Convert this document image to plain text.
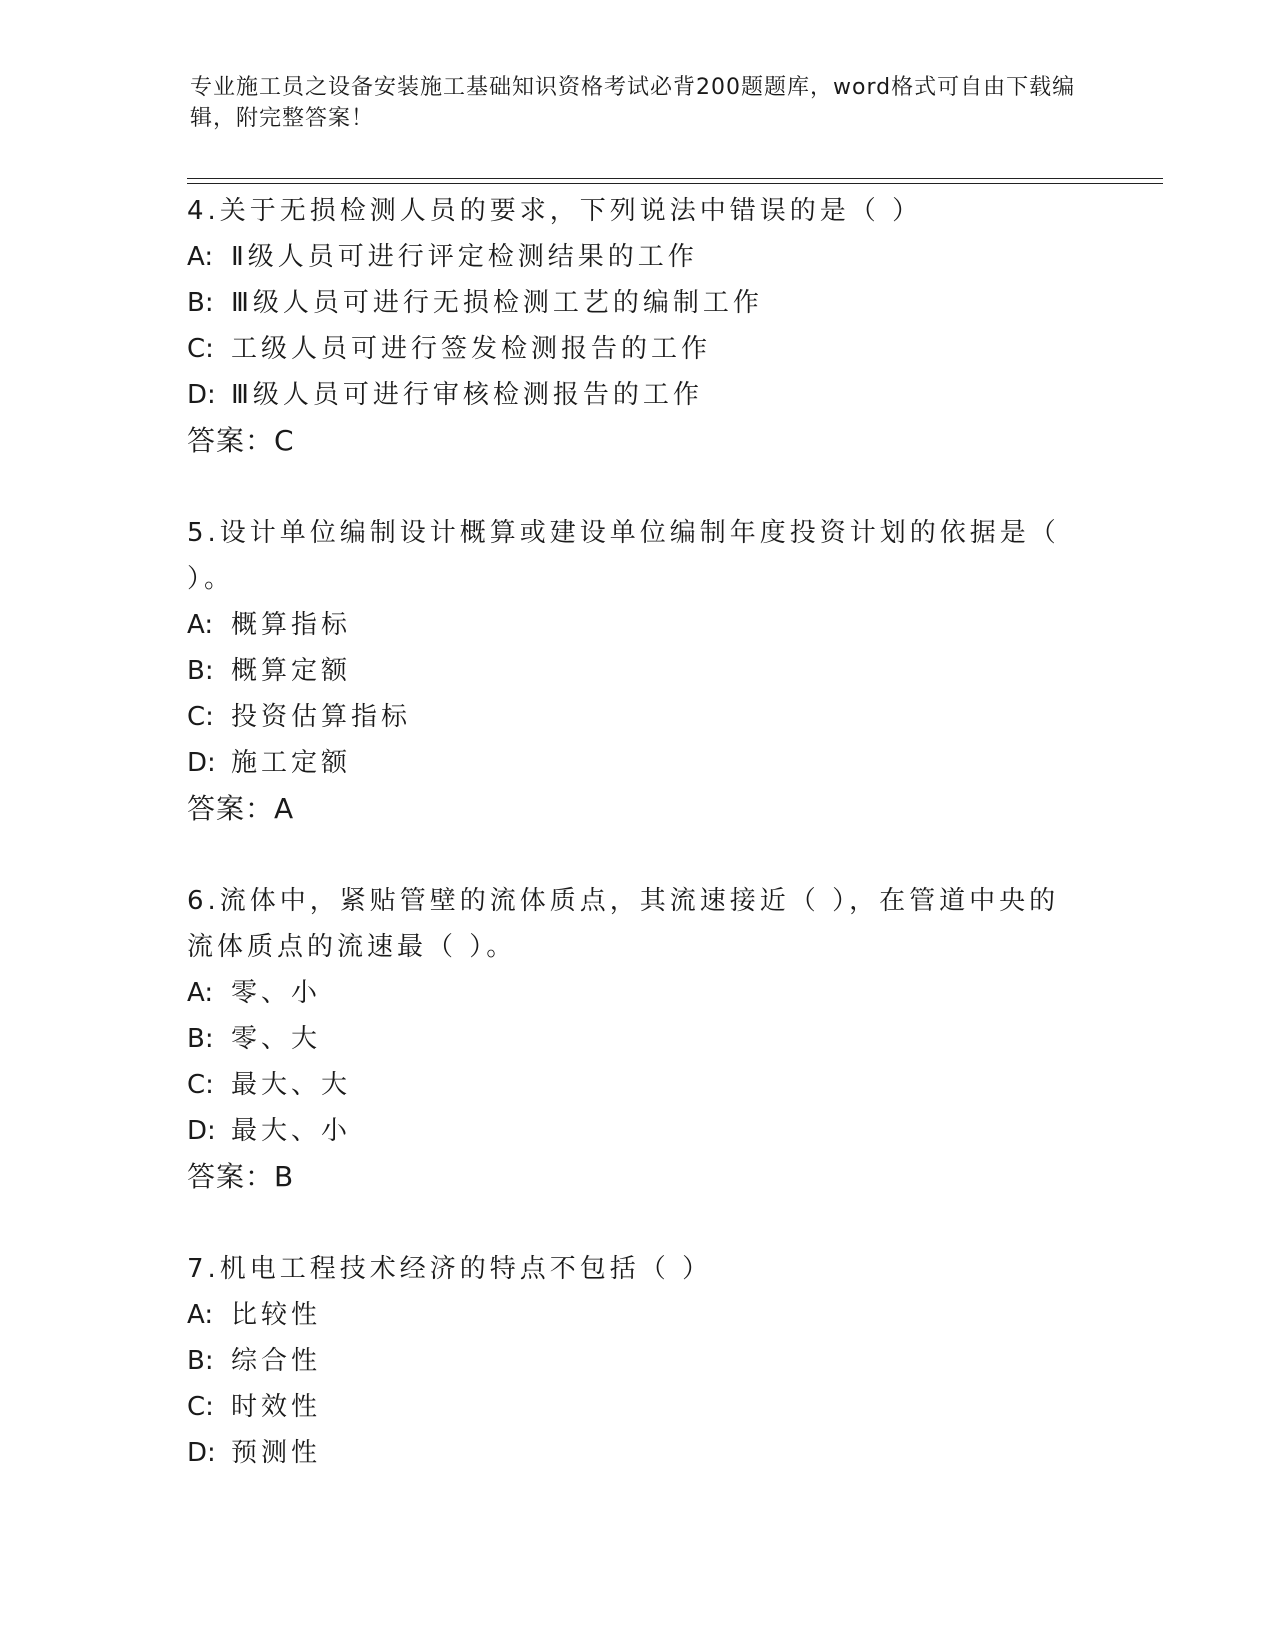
专业施工员之设备安装施工基础知识资格考试必背200题题库，word格式可自由下载编辑，附完整答案！

4.关于无损检测人员的要求，下列说法中错误的是（ ）

A: Ⅱ级人员可进行评定检测结果的工作

B: Ⅲ级人员可进行无损检测工艺的编制工作

C: 工级人员可进行签发检测报告的工作

D: Ⅲ级人员可进行审核检测报告的工作

答案：C

5.设计单位编制设计概算或建设单位编制年度投资计划的依据是（ ）。

A: 概算指标

B: 概算定额

C: 投资估算指标

D: 施工定额

答案：A

6.流体中，紧贴管壁的流体质点，其流速接近（ ），在管道中央的流体质点的流速最（ ）。

A: 零、小

B: 零、大

C: 最大、大

D: 最大、小

答案：B

7.机电工程技术经济的特点不包括（ ）

A: 比较性

B: 综合性

C: 时效性

D: 预测性
